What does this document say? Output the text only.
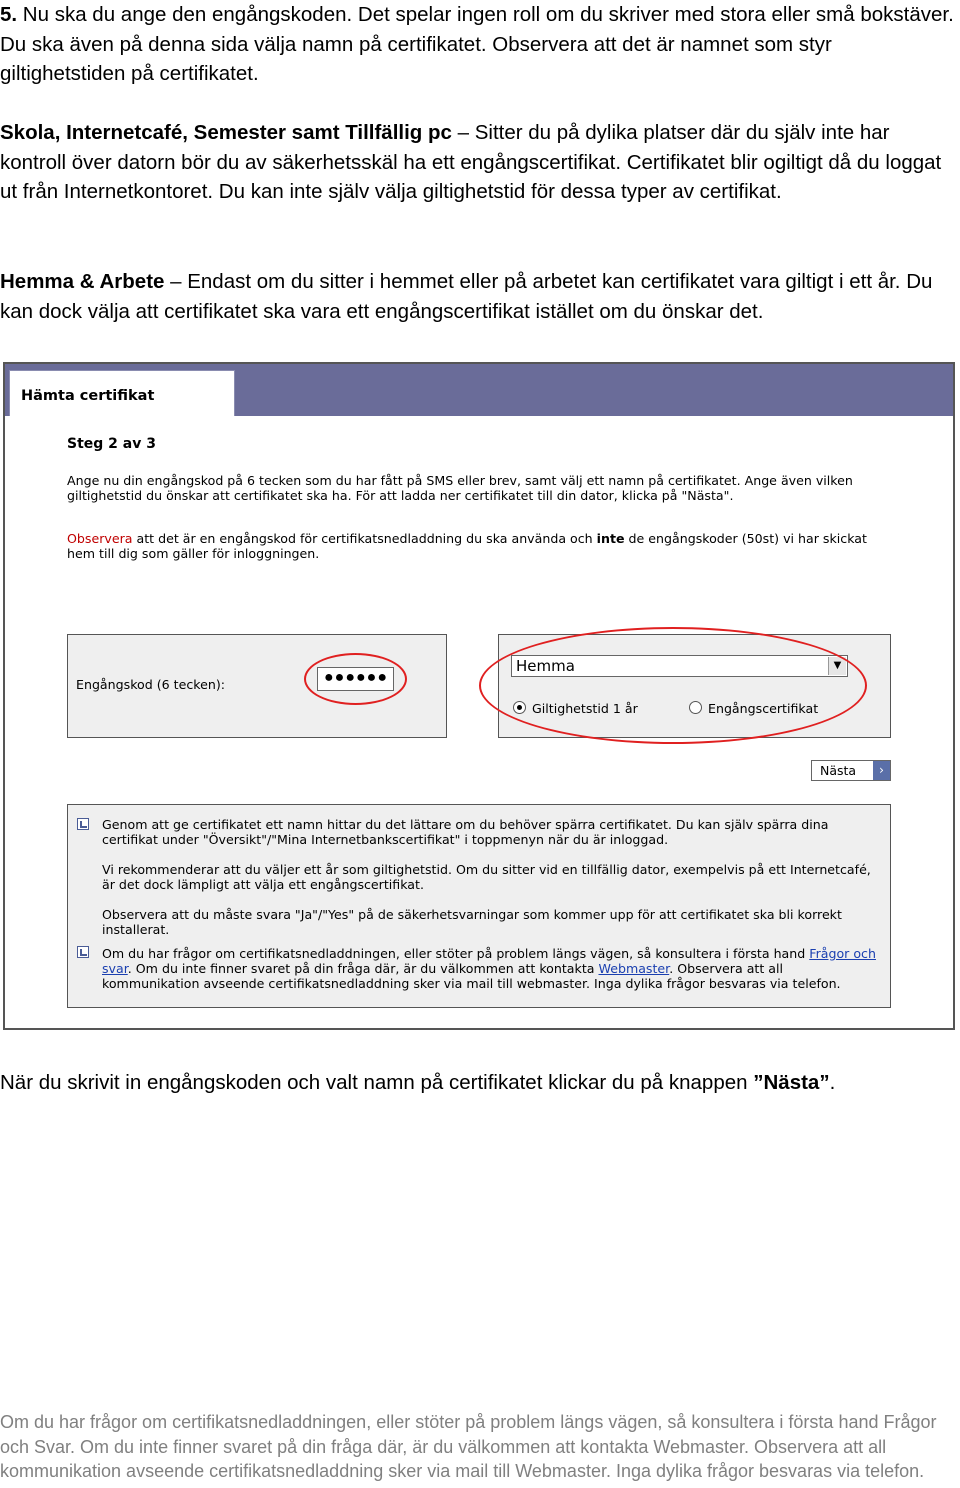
5. Nu ska du ange den engångskoden. Det spelar ingen roll om du skriver med stora eller små bokstäver. Du ska även på denna sida välja namn på certifikatet. Observera att det är namnet som styr giltighetstiden på certifikatet.

Skola, Internetcafé, Semester samt Tillfällig pc – Sitter du på dylika platser där du själv inte har kontroll över datorn bör du av säkerhetsskäl ha ett engångscertifikat. Certifikatet blir ogiltigt då du loggat ut från Internetkontoret. Du kan inte själv välja giltighetstid för dessa typer av certifikat.

Hemma & Arbete – Endast om du sitter i hemmet eller på arbetet kan certifikatet vara giltigt i ett år. Du kan dock välja att certifikatet ska vara ett engångscertifikat istället om du önskar det.

Hämta certifikat
Steg 2 av 3
Ange nu din engångskod på 6 tecken som du har fått på SMS eller brev, samt välj ett namn på certifikatet. Ange även vilken giltighetstid du önskar att certifikatet ska ha. För att ladda ner certifikatet till din dator, klicka på "Nästa".
Observera att det är en engångskod för certifikatsnedladdning du ska använda och inte de engångskoder (50st) vi har skickat hem till dig som gäller för inloggningen.
Engångskod (6 tecken):	●●●●●●
Hemma	▼
Giltighetstid 1 år	Engångscertifikat
Nästa	›
Genom att ge certifikatet ett namn hittar du det lättare om du behöver spärra certifikatet. Du kan själv spärra dina certifikat under "Översikt"/"Mina Internetbankscertifikat" i toppmenyn när du är inloggad.
Vi rekommenderar att du väljer ett år som giltighetstid. Om du sitter vid en tillfällig dator, exempelvis på ett Internetcafé, är det dock lämpligt att välja ett engångscertifikat.
Observera att du måste svara "Ja"/"Yes" på de säkerhetsvarningar som kommer upp för att certifikatet ska bli korrekt installerat.
Om du har frågor om certifikatsnedladdningen, eller stöter på problem längs vägen, så konsultera i första hand Frågor och svar. Om du inte finner svaret på din fråga där, är du välkommen att kontakta Webmaster. Observera att all kommunikation avseende certifikatsnedladdning sker via mail till webmaster. Inga dylika frågor besvaras via telefon.

När du skrivit in engångskoden och valt namn på certifikatet klickar du på knappen ”Nästa”.

Om du har frågor om certifikatsnedladdningen, eller stöter på problem längs vägen, så konsultera i första hand Frågor och Svar. Om du inte finner svaret på din fråga där, är du välkommen att kontakta Webmaster. Observera att all kommunikation avseende certifikatsnedladdning sker via mail till Webmaster. Inga dylika frågor besvaras via telefon.
